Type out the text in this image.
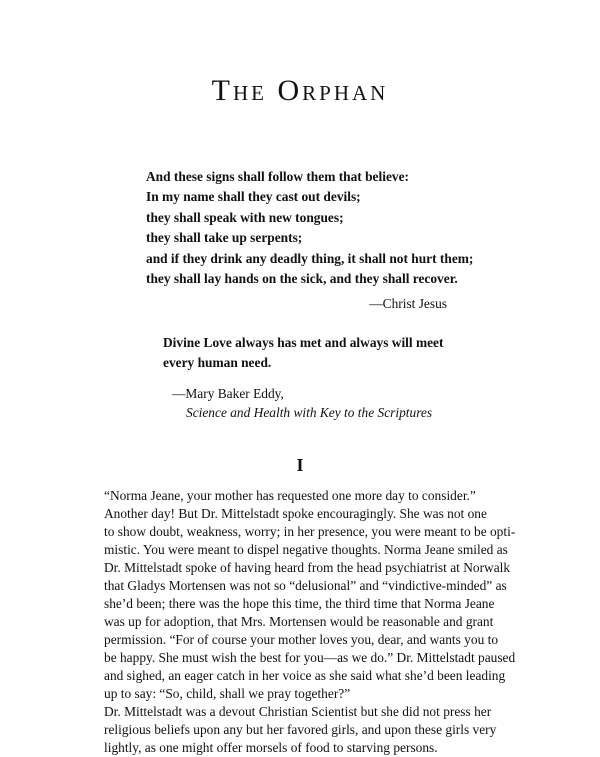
The Orphan
And these signs shall follow them that believe:
In my name shall they cast out devils;
they shall speak with new tongues;
they shall take up serpents;
and if they drink any deadly thing, it shall not hurt them;
they shall lay hands on the sick, and they shall recover.
—Christ Jesus
Divine Love always has met and always will meet
every human need.
—Mary Baker Eddy,
Science and Health with Key to the Scriptures
I
“Norma Jeane, your mother has requested one more day to consider.”
Another day! But Dr. Mittelstadt spoke encouragingly. She was not one
to show doubt, weakness, worry; in her presence, you were meant to be opti-
mistic. You were meant to dispel negative thoughts. Norma Jeane smiled as
Dr. Mittelstadt spoke of having heard from the head psychiatrist at Norwalk
that Gladys Mortensen was not so “delusional” and “vindictive-minded” as
she’d been; there was the hope this time, the third time that Norma Jeane
was up for adoption, that Mrs. Mortensen would be reasonable and grant
permission. “For of course your mother loves you, dear, and wants you to
be happy. She must wish the best for you—as we do.” Dr. Mittelstadt paused
and sighed, an eager catch in her voice as she said what she’d been leading
up to say: “So, child, shall we pray together?”
Dr. Mittelstadt was a devout Christian Scientist but she did not press her
religious beliefs upon any but her favored girls, and upon these girls very
lightly, as one might offer morsels of food to starving persons.
